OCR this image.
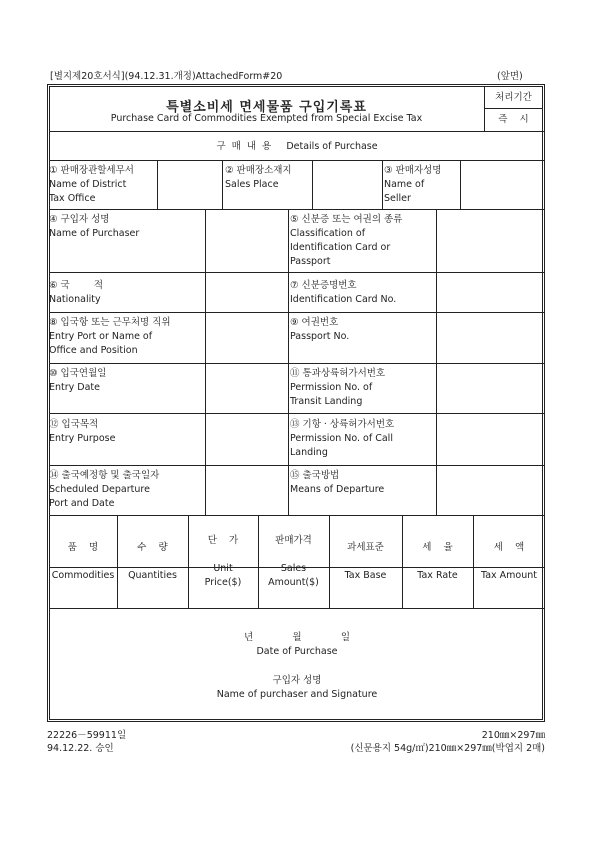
[별지제20호서식](94.12.31.개정)AttachedForm#20	(앞면)
특별소비세 면세물품 구입기록표
Purchase Card of Commodities Exempted from Special Excise Tax
처리기간
즉    시
구  매  내  용 Details of Purchase
① 판매장관할세무서
Name of District
Tax Office
② 판매장소재지
Sales Place
③ 판매자성명
Name of
Seller
④ 구입자 성명
Name of Purchaser
⑤ 신분증 또는 여권의 종류
Classification of
Identification Card or
Passport
⑥ 국        적
Nationality
⑦ 신분증명번호
Identification Card No.
⑧ 입국항 또는 근무처명 직위
Entry Port or Name of
Office and Position
⑨ 여권번호
Passport No.
⑩ 입국연월일
Entry Date
⑪ 통과상륙허가서번호
Permission No. of
Transit Landing
⑫ 입국목적
Entry Purpose
⑬ 기항 · 상륙허가서번호
Permission No. of Call
Landing
⑭ 출국예정항 및 출국일자
Scheduled Departure
Port and Date
⑮ 출국방법
Means of Departure

품    명

Commodities

수    량

Quantities

단    가

Unit
Price($)

판매가격

Sales
Amount($)

과세표준

Tax Base

세    율

Tax Rate

세    액

Tax Amount

년             월             일
Date of Purchase
구입자 성명
Name of purchaser and Signature
22226－59911일
94.12.22. 승인
210㎜×297㎜
(신문용지 54g/㎡)210㎜×297㎜(박엽지 2매)
